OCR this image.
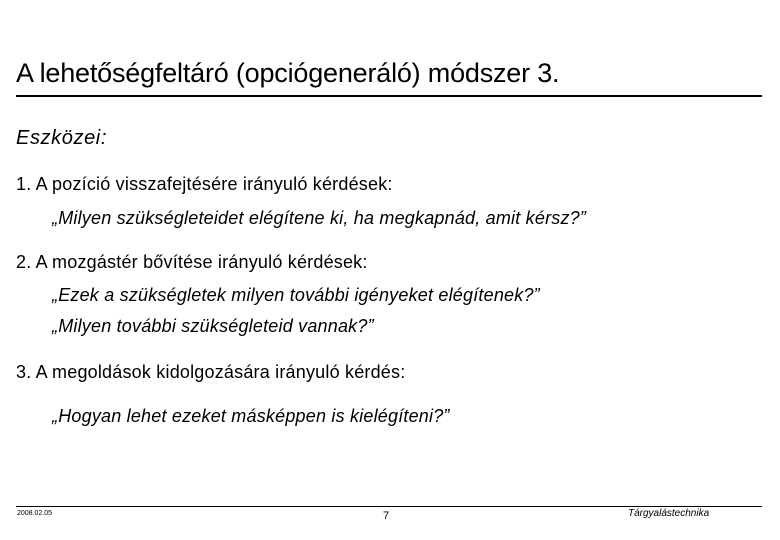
A lehetőségfeltáró (opciógeneráló) módszer 3.
Eszközei:
1. A pozíció visszafejtésére irányuló kérdések:
„Milyen szükségleteidet elégítene ki, ha megkapnád, amit kérsz?”
2. A mozgástér bővítése irányuló kérdések:
„Ezek a szükségletek milyen további igényeket elégítenek?”
„Milyen további szükségleteid vannak?”
3. A megoldások kidolgozására irányuló kérdés:
„Hogyan lehet ezeket másképpen is kielégíteni?”
2008.02.05	7	Tárgyalástechnika
